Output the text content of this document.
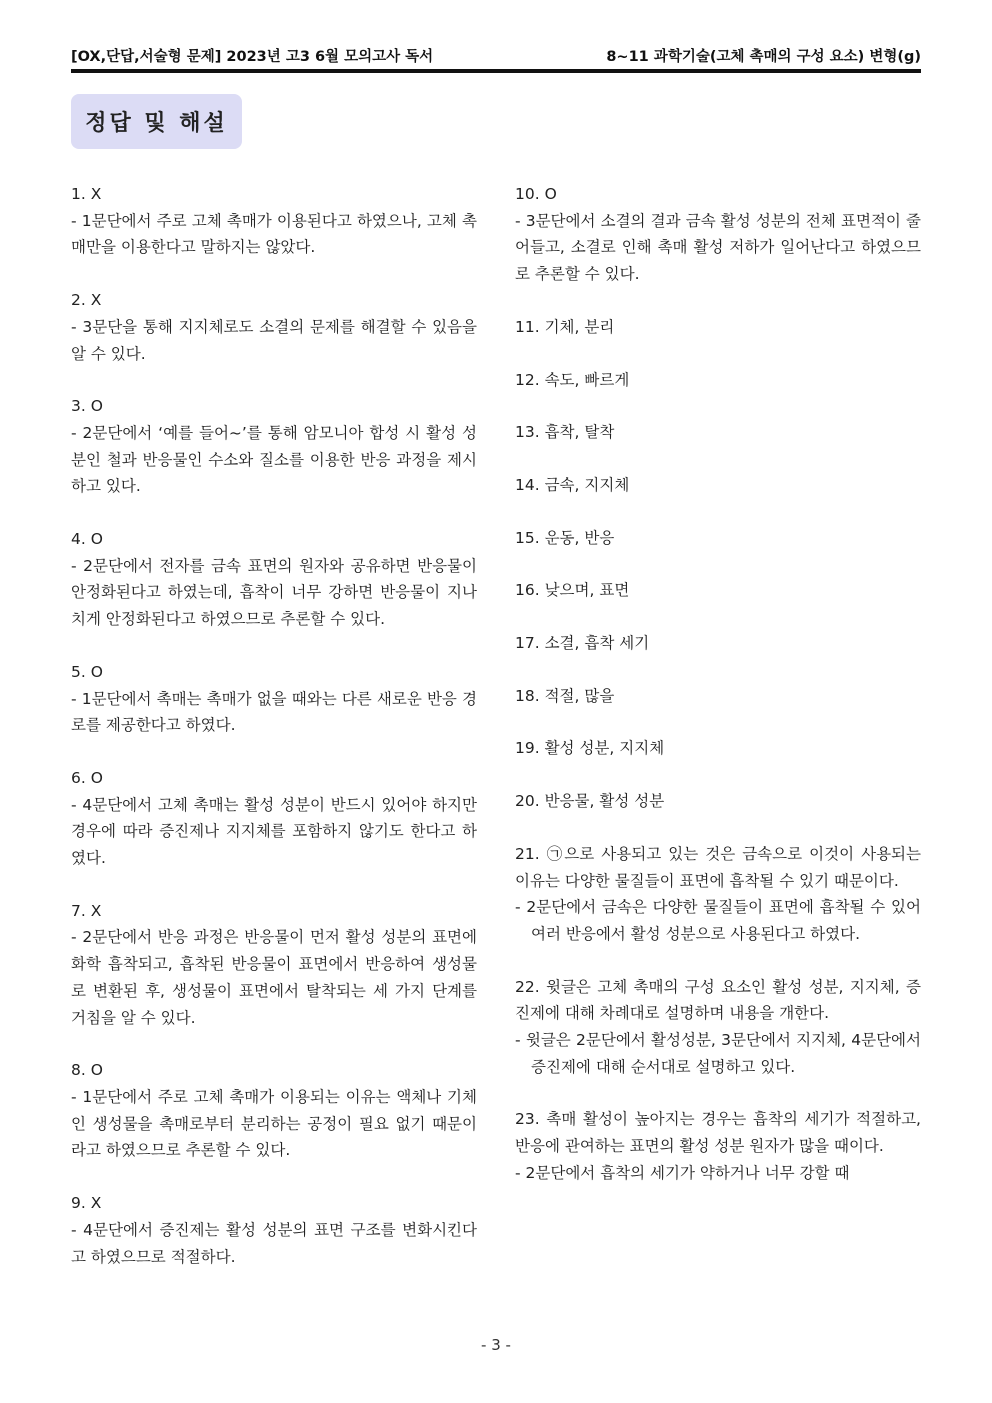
[OX,단답,서술형 문제] 2023년 고3 6월 모의고사 독서	8~11 과학기술(고체 촉매의 구성 요소) 변형(g)
정답 및 해설

1. X

- 1문단에서 주로 고체 촉매가 이용된다고 하였으나, 고체 촉매만을 이용한다고 말하지는 않았다.

2. X

- 3문단을 통해 지지체로도 소결의 문제를 해결할 수 있음을 알 수 있다.

3. O

- 2문단에서 ‘예를 들어~’를 통해 암모니아 합성 시 활성 성분인 철과 반응물인 수소와 질소를 이용한 반응 과정을 제시하고 있다.

4. O

- 2문단에서 전자를 금속 표면의 원자와 공유하면 반응물이 안정화된다고 하였는데, 흡착이 너무 강하면 반응물이 지나치게 안정화된다고 하였으므로 추론할 수 있다.

5. O

- 1문단에서 촉매는 촉매가 없을 때와는 다른 새로운 반응 경로를 제공한다고 하였다.

6. O

- 4문단에서 고체 촉매는 활성 성분이 반드시 있어야 하지만 경우에 따라 증진제나 지지체를 포함하지 않기도 한다고 하였다.

7. X

- 2문단에서 반응 과정은 반응물이 먼저 활성 성분의 표면에 화학 흡착되고, 흡착된 반응물이 표면에서 반응하여 생성물로 변환된 후, 생성물이 표면에서 탈착되는 세 가지 단계를 거침을 알 수 있다.

8. O

- 1문단에서 주로 고체 촉매가 이용되는 이유는 액체나 기체인 생성물을 촉매로부터 분리하는 공정이 필요 없기 때문이라고 하였으므로 추론할 수 있다.

9. X

- 4문단에서 증진제는 활성 성분의 표면 구조를 변화시킨다고 하였으므로 적절하다.

10. O

- 3문단에서 소결의 결과 금속 활성 성분의 전체 표면적이 줄어들고, 소결로 인해 촉매 활성 저하가 일어난다고 하였으므로 추론할 수 있다.

11. 기체, 분리

12. 속도, 빠르게

13. 흡착, 탈착

14. 금속, 지지체

15. 운동, 반응

16. 낮으며, 표면

17. 소결, 흡착 세기

18. 적절, 많을

19. 활성 성분, 지지체

20. 반응물, 활성 성분

21. ㉠으로 사용되고 있는 것은 금속으로 이것이 사용되는 이유는 다양한 물질들이 표면에 흡착될 수 있기 때문이다.

- 2문단에서 금속은 다양한 물질들이 표면에 흡착될 수 있어 여러 반응에서 활성 성분으로 사용된다고 하였다.

22. 윗글은 고체 촉매의 구성 요소인 활성 성분, 지지체, 증진제에 대해 차례대로 설명하며 내용을 개한다.

- 윗글은 2문단에서 활성성분, 3문단에서 지지체, 4문단에서 증진제에 대해 순서대로 설명하고 있다.

23. 촉매 활성이 높아지는 경우는 흡착의 세기가 적절하고, 반응에 관여하는 표면의 활성 성분 원자가 많을 때이다.

- 2문단에서 흡착의 세기가 약하거나 너무 강할 때

- 3 -
